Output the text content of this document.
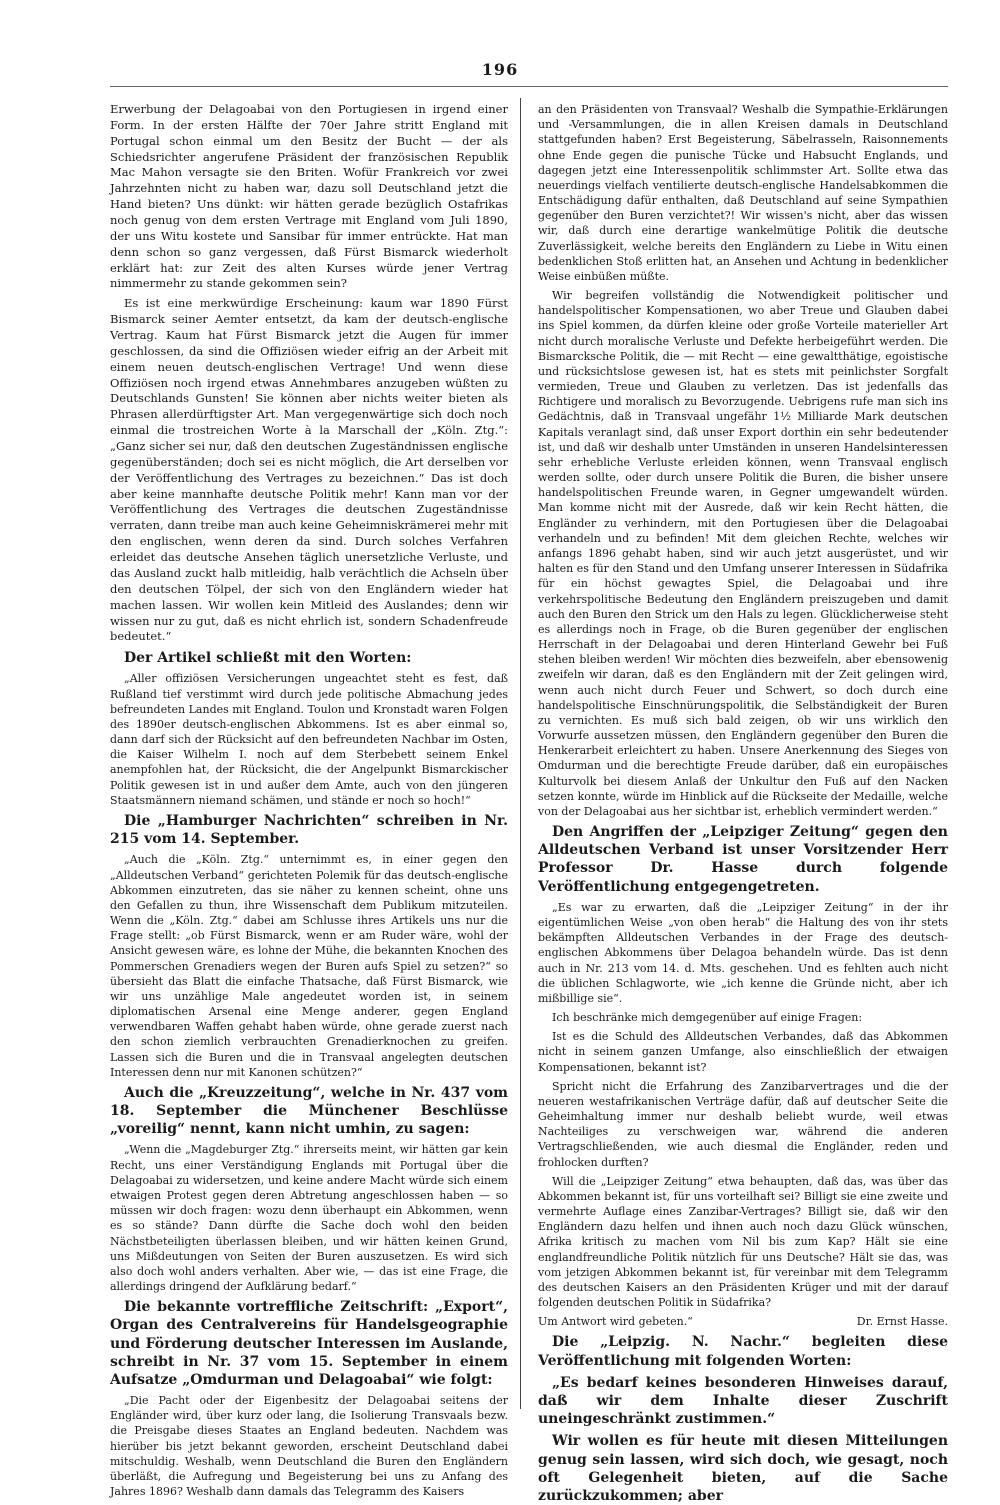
196

Erwerbung der Delagoabai von den Portugiesen in irgend einer Form. In der ersten Hälfte der 70er Jahre stritt England mit Portugal schon einmal um den Besitz der Bucht — der als Schiedsrichter angerufene Präsident der französischen Republik Mac Mahon versagte sie den Briten. Wofür Frankreich vor zwei Jahrzehnten nicht zu haben war, dazu soll Deutschland jetzt die Hand bieten? Uns dünkt: wir hätten gerade bezüglich Ostafrikas noch genug von dem ersten Vertrage mit England vom Juli 1890, der uns Witu kostete und Sansibar für immer entrückte. Hat man denn schon so ganz vergessen, daß Fürst Bismarck wiederholt erklärt hat: zur Zeit des alten Kurses würde jener Vertrag nimmermehr zu stande gekommen sein?

Es ist eine merkwürdige Erscheinung: kaum war 1890 Fürst Bismarck seiner Aemter entsetzt, da kam der deutsch-englische Vertrag. Kaum hat Fürst Bismarck jetzt die Augen für immer geschlossen, da sind die Offiziösen wieder eifrig an der Arbeit mit einem neuen deutsch-englischen Vertrage! Und wenn diese Offiziösen noch irgend etwas Annehmbares anzugeben wüßten zu Deutschlands Gunsten! Sie können aber nichts weiter bieten als Phrasen allerdürftigster Art. Man vergegenwärtige sich doch noch einmal die trostreichen Worte à la Marschall der „Köln. Ztg.“: „Ganz sicher sei nur, daß den deutschen Zugeständnissen englische gegenüberständen; doch sei es nicht möglich, die Art derselben vor der Veröffentlichung des Vertrages zu bezeichnen.“ Das ist doch aber keine mannhafte deutsche Politik mehr! Kann man vor der Veröffentlichung des Vertrages die deutschen Zugeständnisse verraten, dann treibe man auch keine Geheimniskrämerei mehr mit den englischen, wenn deren da sind. Durch solches Verfahren erleidet das deutsche Ansehen täglich unersetzliche Verluste, und das Ausland zuckt halb mitleidig, halb verächtlich die Achseln über den deutschen Tölpel, der sich von den Engländern wieder hat machen lassen. Wir wollen kein Mitleid des Auslandes; denn wir wissen nur zu gut, daß es nicht ehrlich ist, sondern Schadenfreude bedeutet.“

Der Artikel schließt mit den Worten:

„Aller offiziösen Versicherungen ungeachtet steht es fest, daß Rußland tief verstimmt wird durch jede politische Abmachung jedes befreundeten Landes mit England. Toulon und Kronstadt waren Folgen des 1890er deutsch-englischen Abkommens. Ist es aber einmal so, dann darf sich der Rücksicht auf den befreundeten Nachbar im Osten, die Kaiser Wilhelm I. noch auf dem Sterbebett seinem Enkel anempfohlen hat, der Rücksicht, die der Angelpunkt Bismarckischer Politik gewesen ist in und außer dem Amte, auch von den jüngeren Staatsmännern niemand schämen, und stände er noch so hoch!“

Die „Hamburger Nachrichten“ schreiben in Nr. 215 vom 14. September.

„Auch die „Köln. Ztg.“ unternimmt es, in einer gegen den „Alldeutschen Verband“ gerichteten Polemik für das deutsch-englische Abkommen einzutreten, das sie näher zu kennen scheint, ohne uns den Gefallen zu thun, ihre Wissenschaft dem Publikum mitzuteilen. Wenn die „Köln. Ztg.“ dabei am Schlusse ihres Artikels uns nur die Frage stellt: „ob Fürst Bismarck, wenn er am Ruder wäre, wohl der Ansicht gewesen wäre, es lohne der Mühe, die bekannten Knochen des Pommerschen Grenadiers wegen der Buren aufs Spiel zu setzen?“ so übersieht das Blatt die einfache Thatsache, daß Fürst Bismarck, wie wir uns unzählige Male angedeutet worden ist, in seinem diplomatischen Arsenal eine Menge anderer, gegen England verwendbaren Waffen gehabt haben würde, ohne gerade zuerst nach den schon ziemlich verbrauchten Grenadierknochen zu greifen. Lassen sich die Buren und die in Transvaal angelegten deutschen Interessen denn nur mit Kanonen schützen?“

Auch die „Kreuzzeitung“, welche in Nr. 437 vom 18. September die Münchener Beschlüsse „voreilig“ nennt, kann nicht umhin, zu sagen:

„Wenn die „Magdeburger Ztg.“ ihrerseits meint, wir hätten gar kein Recht, uns einer Verständigung Englands mit Portugal über die Delagoabai zu widersetzen, und keine andere Macht würde sich einem etwaigen Protest gegen deren Abtretung angeschlossen haben — so müssen wir doch fragen: wozu denn überhaupt ein Abkommen, wenn es so stände? Dann dürfte die Sache doch wohl den beiden Nächstbeteiligten überlassen bleiben, und wir hätten keinen Grund, uns Mißdeutungen von Seiten der Buren auszusetzen. Es wird sich also doch wohl anders verhalten. Aber wie, — das ist eine Frage, die allerdings dringend der Aufklärung bedarf.“

Die bekannte vortreffliche Zeitschrift: „Export“, Organ des Centralvereins für Handelsgeographie und Förderung deutscher Interessen im Auslande, schreibt in Nr. 37 vom 15. September in einem Aufsatze „Omdurman und Delagoabai“ wie folgt:

„Die Pacht oder der Eigenbesitz der Delagoabai seitens der Engländer wird, über kurz oder lang, die Isolierung Transvaals bezw. die Preisgabe dieses Staates an England bedeuten. Nachdem was hierüber bis jetzt bekannt geworden, erscheint Deutschland dabei mitschuldig. Weshalb, wenn Deutschland die Buren den Engländern überläßt, die Aufregung und Begeisterung bei uns zu Anfang des Jahres 1896? Weshalb dann damals das Telegramm des Kaisers

an den Präsidenten von Transvaal? Weshalb die Sympathie-Erklärungen und -Versammlungen, die in allen Kreisen damals in Deutschland stattgefunden haben? Erst Begeisterung, Säbelrasseln, Raisonnements ohne Ende gegen die punische Tücke und Habsucht Englands, und dagegen jetzt eine Interessenpolitik schlimmster Art. Sollte etwa das neuerdings vielfach ventilierte deutsch-englische Handelsabkommen die Entschädigung dafür enthalten, daß Deutschland auf seine Sympathien gegenüber den Buren verzichtet?! Wir wissen's nicht, aber das wissen wir, daß durch eine derartige wankelmütige Politik die deutsche Zuverlässigkeit, welche bereits den Engländern zu Liebe in Witu einen bedenklichen Stoß erlitten hat, an Ansehen und Achtung in bedenklicher Weise einbüßen müßte.

Wir begreifen vollständig die Notwendigkeit politischer und handelspolitischer Kompensationen, wo aber Treue und Glauben dabei ins Spiel kommen, da dürfen kleine oder große Vorteile materieller Art nicht durch moralische Verluste und Defekte herbeigeführt werden. Die Bismarcksche Politik, die — mit Recht — eine gewaltthätige, egoistische und rücksichtslose gewesen ist, hat es stets mit peinlichster Sorgfalt vermieden, Treue und Glauben zu verletzen. Das ist jedenfalls das Richtigere und moralisch zu Bevorzugende. Uebrigens rufe man sich ins Gedächtnis, daß in Transvaal ungefähr 1½ Milliarde Mark deutschen Kapitals veranlagt sind, daß unser Export dorthin ein sehr bedeutender ist, und daß wir deshalb unter Umständen in unseren Handelsinteressen sehr erhebliche Verluste erleiden können, wenn Transvaal englisch werden sollte, oder durch unsere Politik die Buren, die bisher unsere handelspolitischen Freunde waren, in Gegner umgewandelt würden. Man komme nicht mit der Ausrede, daß wir kein Recht hätten, die Engländer zu verhindern, mit den Portugiesen über die Delagoabai verhandeln und zu befinden! Mit dem gleichen Rechte, welches wir anfangs 1896 gehabt haben, sind wir auch jetzt ausgerüstet, und wir halten es für den Stand und den Umfang unserer Interessen in Südafrika für ein höchst gewagtes Spiel, die Delagoabai und ihre verkehrspolitische Bedeutung den Engländern preiszugeben und damit auch den Buren den Strick um den Hals zu legen. Glücklicherweise steht es allerdings noch in Frage, ob die Buren gegenüber der englischen Herrschaft in der Delagoabai und deren Hinterland Gewehr bei Fuß stehen bleiben werden! Wir möchten dies bezweifeln, aber ebensowenig zweifeln wir daran, daß es den Engländern mit der Zeit gelingen wird, wenn auch nicht durch Feuer und Schwert, so doch durch eine handelspolitische Einschnürungspolitik, die Selbständigkeit der Buren zu vernichten. Es muß sich bald zeigen, ob wir uns wirklich den Vorwurfe aussetzen müssen, den Engländern gegenüber den Buren die Henkerarbeit erleichtert zu haben. Unsere Anerkennung des Sieges von Omdurman und die berechtigte Freude darüber, daß ein europäisches Kulturvolk bei diesem Anlaß der Unkultur den Fuß auf den Nacken setzen konnte, würde im Hinblick auf die Rückseite der Medaille, welche von der Delagoabai aus her sichtbar ist, erheblich vermindert werden.“

Den Angriffen der „Leipziger Zeitung“ gegen den Alldeutschen Verband ist unser Vorsitzender Herr Professor Dr. Hasse durch folgende Veröffentlichung entgegengetreten.

„Es war zu erwarten, daß die „Leipziger Zeitung“ in der ihr eigentümlichen Weise „von oben herab“ die Haltung des von ihr stets bekämpften Alldeutschen Verbandes in der Frage des deutsch-englischen Abkommens über Delagoa behandeln würde. Das ist denn auch in Nr. 213 vom 14. d. Mts. geschehen. Und es fehlten auch nicht die üblichen Schlagworte, wie „ich kenne die Gründe nicht, aber ich mißbillige sie“.

Ich beschränke mich demgegenüber auf einige Fragen:

Ist es die Schuld des Alldeutschen Verbandes, daß das Abkommen nicht in seinem ganzen Umfange, also einschließlich der etwaigen Kompensationen, bekannt ist?

Spricht nicht die Erfahrung des Zanzibarvertrages und die der neueren westafrikanischen Verträge dafür, daß auf deutscher Seite die Geheimhaltung immer nur deshalb beliebt wurde, weil etwas Nachteiliges zu verschweigen war, während die anderen Vertragschließenden, wie auch diesmal die Engländer, reden und frohlocken durften?

Will die „Leipziger Zeitung“ etwa behaupten, daß das, was über das Abkommen bekannt ist, für uns vorteilhaft sei? Billigt sie eine zweite und vermehrte Auflage eines Zanzibar-Vertrages? Billigt sie, daß wir den Engländern dazu helfen und ihnen auch noch dazu Glück wünschen, Afrika kritisch zu machen vom Nil bis zum Kap? Hält sie eine englandfreundliche Politik nützlich für uns Deutsche? Hält sie das, was vom jetzigen Abkommen bekannt ist, für vereinbar mit dem Telegramm des deutschen Kaisers an den Präsidenten Krüger und mit der darauf folgenden deutschen Politik in Südafrika?

Um Antwort wird gebeten.“	Dr. Ernst Hasse.

Die „Leipzig. N. Nachr.“ begleiten diese Veröffentlichung mit folgenden Worten:

„Es bedarf keines besonderen Hinweises darauf, daß wir dem Inhalte dieser Zuschrift uneingeschränkt zustimmen.“

Wir wollen es für heute mit diesen Mitteilungen genug sein lassen, wird sich doch, wie gesagt, noch oft Gelegenheit bieten, auf die Sache zurückzukommen; aber
